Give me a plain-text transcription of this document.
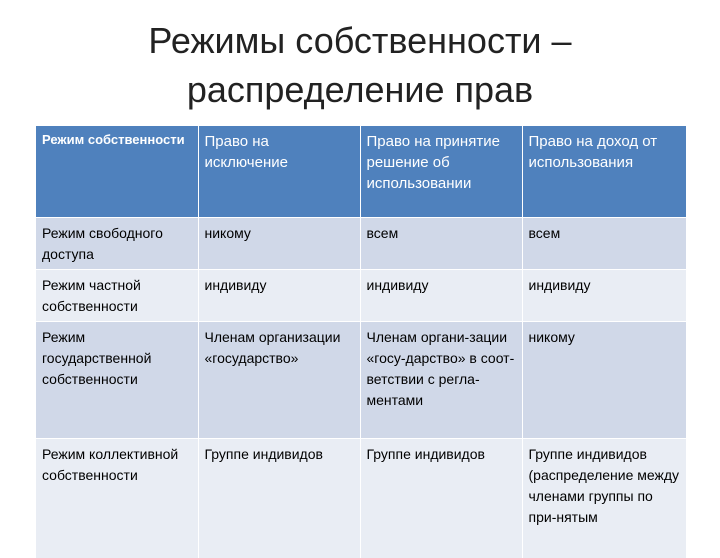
Режимы собственности –
распределение прав
Режим собственности	Право на исключение	Право на принятие решение об использовании	Право на доход от использования
Режим свободного доступа	никому	всем	всем
Режим частной собственности	индивиду	индивиду	индивиду
Режим государственной собственности	Членам организации «государство»	Членам органи-зации «госу-дарство» в соот-ветствии с регла-ментами	никому
Режим коллективной собственности	Группе индивидов	Группе индивидов	Группе индивидов (распределение между членами группы по при-нятым
